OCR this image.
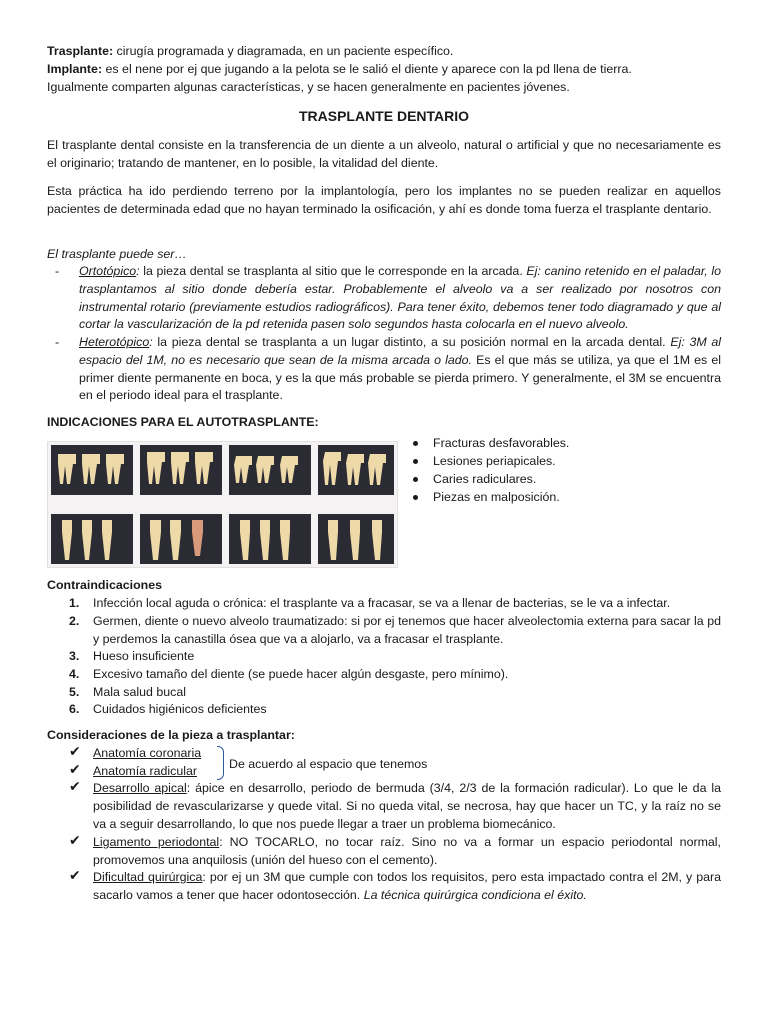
Trasplante: cirugía programada y diagramada, en un paciente específico.

Implante: es el nene por ej que jugando a la pelota se le salió el diente y aparece con la pd llena de tierra.

Igualmente comparten algunas características, y se hacen generalmente en pacientes jóvenes.

TRASPLANTE DENTARIO

El trasplante dental consiste en la transferencia de un diente a un alveolo, natural o artificial y que no necesariamente es el originario; tratando de mantener, en lo posible, la vitalidad del diente.

Esta práctica ha ido perdiendo terreno por la implantología, pero los implantes no se pueden realizar en aquellos pacientes de determinada edad que no hayan terminado la osificación, y ahí es donde toma fuerza el trasplante dentario.

El trasplante puede ser…

- Ortotópico: la pieza dental se trasplanta al sitio que le corresponde en la arcada. Ej: canino retenido en el paladar, lo trasplantamos al sitio donde debería estar. Probablemente el alveolo va a ser realizado por nosotros con instrumental rotario (previamente estudios radiográficos). Para tener éxito, debemos tener todo diagramado y que al cortar la vascularización de la pd retenida pasen solo segundos hasta colocarla en el nuevo alveolo.

- Heterotópico: la pieza dental se trasplanta a un lugar distinto, a su posición normal en la arcada dental. Ej: 3M al espacio del 1M, no es necesario que sean de la misma arcada o lado. Es el que más se utiliza, ya que el 1M es el primer diente permanente en boca, y es la que más probable se pierda primero. Y generalmente, el 3M se encuentra en el periodo ideal para el trasplante.

INDICACIONES PARA EL AUTOTRASPLANTE:

Fracturas desfavorables.
Lesiones periapicales.
Caries radiculares.
Piezas en malposición.

Contraindicaciones

1. Infección local aguda o crónica: el trasplante va a fracasar, se va a llenar de bacterias, se le va a infectar.

2. Germen, diente o nuevo alveolo traumatizado: si por ej tenemos que hacer alveolectomia externa para sacar la pd y perdemos la canastilla ósea que va a alojarlo, va a fracasar el trasplante.

3. Hueso insuficiente

4. Excesivo tamaño del diente (se puede hacer algún desgaste, pero mínimo).

5. Mala salud bucal

6. Cuidados higiénicos deficientes

Consideraciones de la pieza a trasplantar:

✔ Anatomía coronaria

✔ Anatomía radicular	De acuerdo al espacio que tenemos

✔ Desarrollo apical: ápice en desarrollo, periodo de bermuda (3/4, 2/3 de la formación radicular). Lo que le da la posibilidad de revascularizarse y quede vital. Si no queda vital, se necrosa, hay que hacer un TC, y la raíz no se va a seguir desarrollando, lo que nos puede llegar a traer un problema biomecánico.

✔ Ligamento periodontal: NO TOCARLO, no tocar raíz. Sino no va a formar un espacio periodontal normal, promovemos una anquilosis (unión del hueso con el cemento).

✔ Dificultad quirúrgica: por ej un 3M que cumple con todos los requisitos, pero esta impactado contra el 2M, y para sacarlo vamos a tener que hacer odontosección. La técnica quirúrgica condiciona el éxito.
